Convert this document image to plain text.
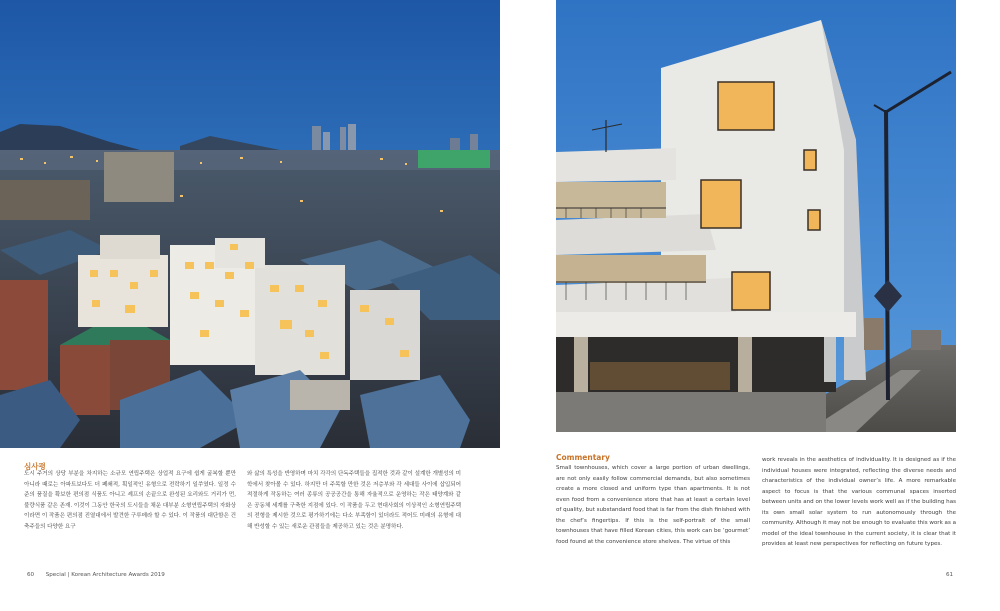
심사평
도시 주거의 상당 부분을 차지하는 소규모 연립주택은 상업적 요구에 쉽게 굴복할 뿐만 아니라 때로는 아파트보다도 더 폐쇄적, 획일적인 유형으로 전락하기 일쑤였다. 일정 수준의 품질을 확보한 편의점 식품도 아니고 셰프의 손끝으로 완성된 요리와도 거리가 먼, 불량식품 같은 존재. 이것이 그동안 한국의 도시들을 채운 대부분 소형연립주택의 자화상이라면 이 작품은 편의점 진열대에서 발견한 구루메라 할 수 있다. 이 작품의 대단함은 건축주들의 다양한 요구
와 삶의 특성을 반영하며 마치 각각의 단독주택들을 집적한 것과 같이 설계한 개별성의 미학에서 찾아볼 수 있다. 하지만 더 주목할 만한 것은 저층부와 각 세대들 사이에 삽입되어 적절하게 작동하는 여러 종류의 공공공간을 통해 자율적으로 운영하는 작은 태양계와 같은 공동체 세계를 구축한 지점에 있다. 이 작품을 두고 현대사회의 이상적인 소형연립주택의 전형을 제시한 것으로 평가하기에는 다소 부족함이 있더라도 적어도 미래의 유형에 대해 반성할 수 있는 새로운 관점들을 제공하고 있는 것은 분명하다.
Commentary
Small townhouses, which cover a large portion of urban dwellings, are not only easily follow commercial demands, but also sometimes create a more closed and uniform type than apartments. It is not even food from a convenience store that has at least a certain level of quality, but substandard food that is far from the dish finished with the chef’s fingertips. If this is the self-portrait of the small townhouses that have filled Korean cities, this work can be ‘gourmet’ food found at the convenience store shelves. The virtue of this
work reveals in the aesthetics of individuality. It is designed as if the individual houses were integrated, reflecting the diverse needs and characteristics of the individual owner’s life. A more remarkable aspect to focus is that the various communal spaces inserted between units and on the lower levels work well as if the building has its own small solar system to run autonomously through the community. Although it may not be enough to evaluate this work as a model of the ideal townhouse in the current society, it is clear that it provides at least new perspectives for reflecting on future types.
60 Special | Korean Architecture Awards 2019	61
